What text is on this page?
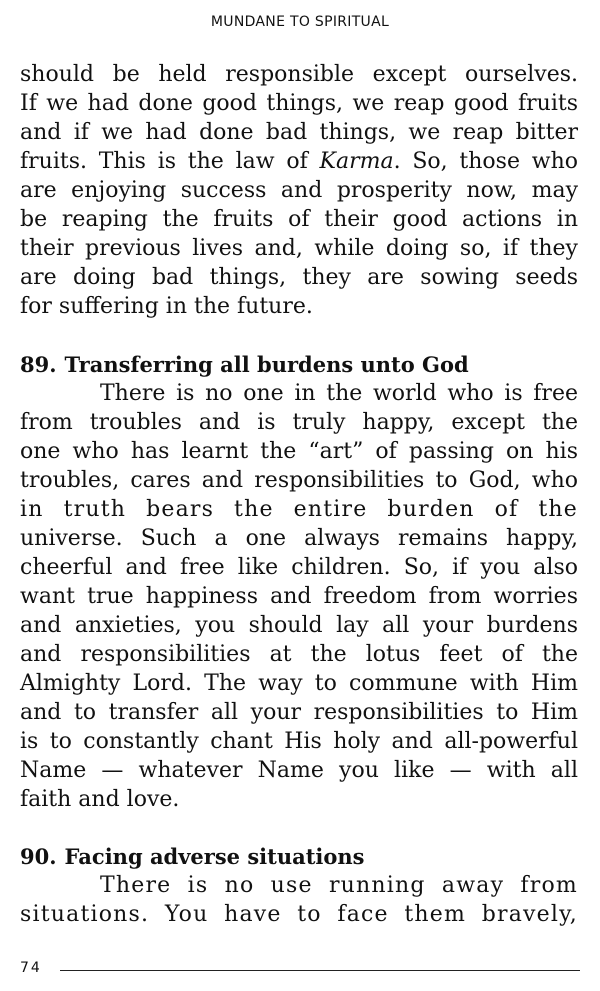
MUNDANE TO SPIRITUAL
should be held responsible except ourselves.
If we had done good things, we reap good fruits
and if we had done bad things, we reap bitter
fruits. This is the law of Karma. So, those who
are enjoying success and prosperity now, may
be reaping the fruits of their good actions in
their previous lives and, while doing so, if they
are doing bad things, they are sowing seeds
for suffering in the future.
89. Transferring all burdens unto God
There is no one in the world who is free
from troubles and is truly happy, except the
one who has learnt the “art” of passing on his
troubles, cares and responsibilities to God, who
in truth bears the entire burden of the
universe. Such a one always remains happy,
cheerful and free like children. So, if you also
want true happiness and freedom from worries
and anxieties, you should lay all your burdens
and responsibilities at the lotus feet of the
Almighty Lord. The way to commune with Him
and to transfer all your responsibilities to Him
is to constantly chant His holy and all-powerful
Name — whatever Name you like — with all
faith and love.
90. Facing adverse situations
There is no use running away from
situations. You have to face them bravely,
74
